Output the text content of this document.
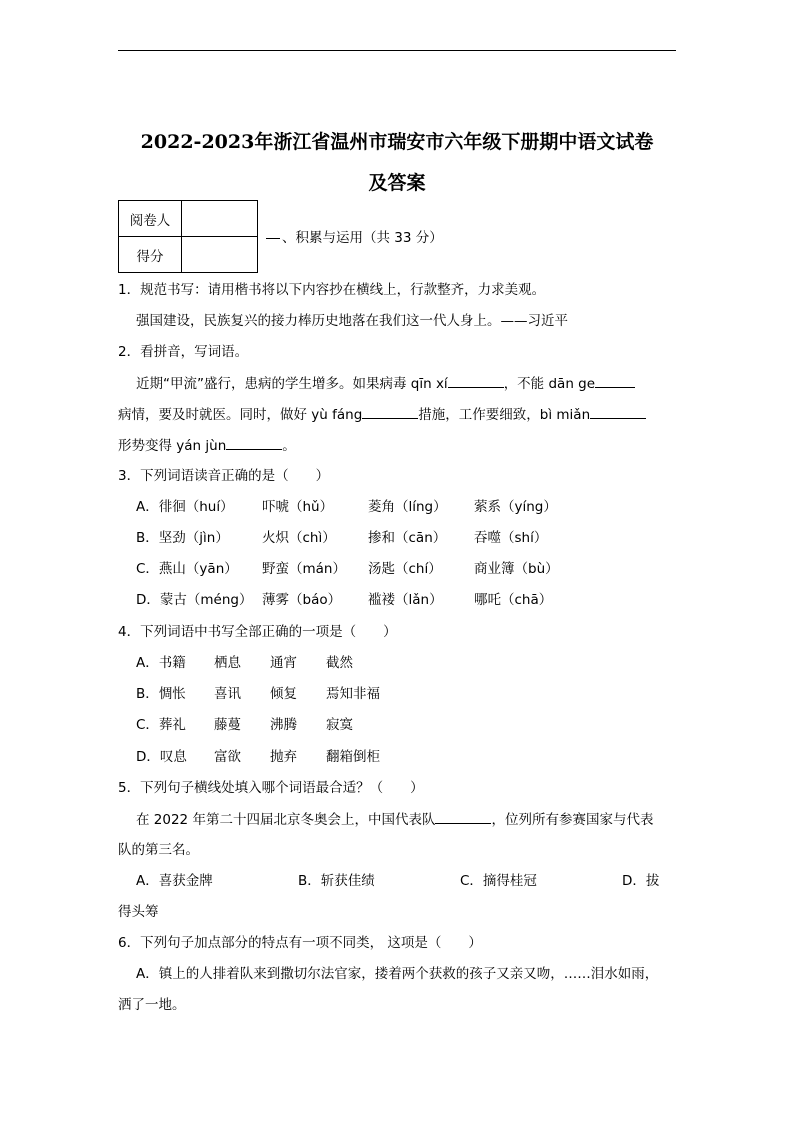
2022-2023年浙江省温州市瑞安市六年级下册期中语文试卷
及答案
阅卷人	
得分	
、积累与运用（共 33 分）
1．规范书写：请用楷书将以下内容抄在横线上，行款整齐，力求美观。
强国建设，民族复兴的接力棒历史地落在我们这一代人身上。——习近平
2．看拼音，写词语。
近期“甲流”盛行，患病的学生增多。如果病毒 qīn xí	，不能 dān ge
病情，要及时就医。同时，做好 yù fáng	措施，工作要细致，bì miǎn
形势变得 yán jùn	。
3．下列词语读音正确的是（　　）
A．徘徊（huí） 吓唬（hǔ）	菱角（líng） 萦系（yíng）
B．坚劲（jìn） 火炽（chì） 掺和（cān） 吞噬（shí）
C．燕山（yān） 野蛮（mán） 汤匙（chí） 商业簿（bù）
D．蒙古（méng） 薄雾（báo） 褴褛（lǎn） 哪吒（chā）
4．下列词语中书写全部正确的一项是（　　）
A．书籍 栖息 通宵 截然
B．惆怅 喜讯 倾复 焉知非福
C．葬礼 藤蔓 沸腾 寂寞
D．叹息 富欲 抛弃 翻箱倒柜
5．下列句子横线处填入哪个词语最合适？（　　）
在 2022 年第二十四届北京冬奥会上，中国代表队	，位列所有参赛国家与代表
队的第三名。
A．喜获金牌	B．斩获佳绩	C．摘得桂冠	D．拔
得头筹
6．下列句子加点部分的特点有一项不同类， 这项是（　　）
A．镇上的人排着队来到撒切尔法官家，搂着两个获救的孩子又亲又吻，……泪水如雨，
洒了一地。
